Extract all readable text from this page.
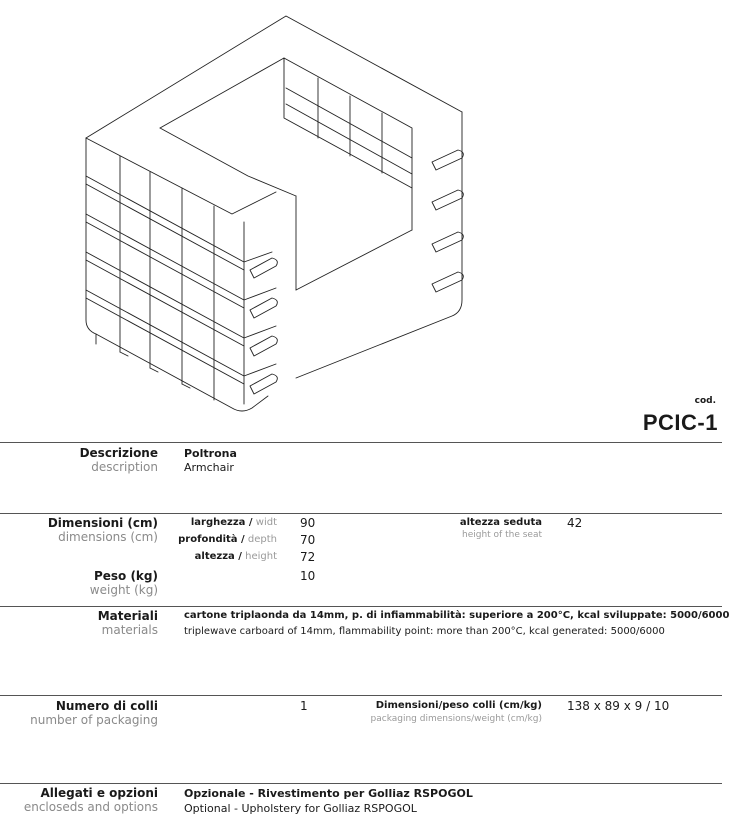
cod.
PCIC-1
Descrizione
description
Poltrona
Armchair
Dimensioni (cm)
dimensions (cm)
larghezza / widt 90
profondità / depth 70
altezza / height 72
altezza seduta
height of the seat
42
Peso (kg)
weight (kg)
10
Materiali
materials
cartone triplaonda da 14mm, p. di infiammabilità: superiore a 200°C, kcal sviluppate: 5000/6000
triplewave carboard of 14mm, flammability point: more than 200°C, kcal generated: 5000/6000
Numero di colli
number of packaging
1	Dimensioni/peso colli (cm/kg)
packaging dimensions/weight (cm/kg)
138 x 89 x 9 / 10
Allegati e opzioni
encloseds and options
Opzionale - Rivestimento per Golliaz RSPOGOL
Optional - Upholstery for Golliaz RSPOGOL
